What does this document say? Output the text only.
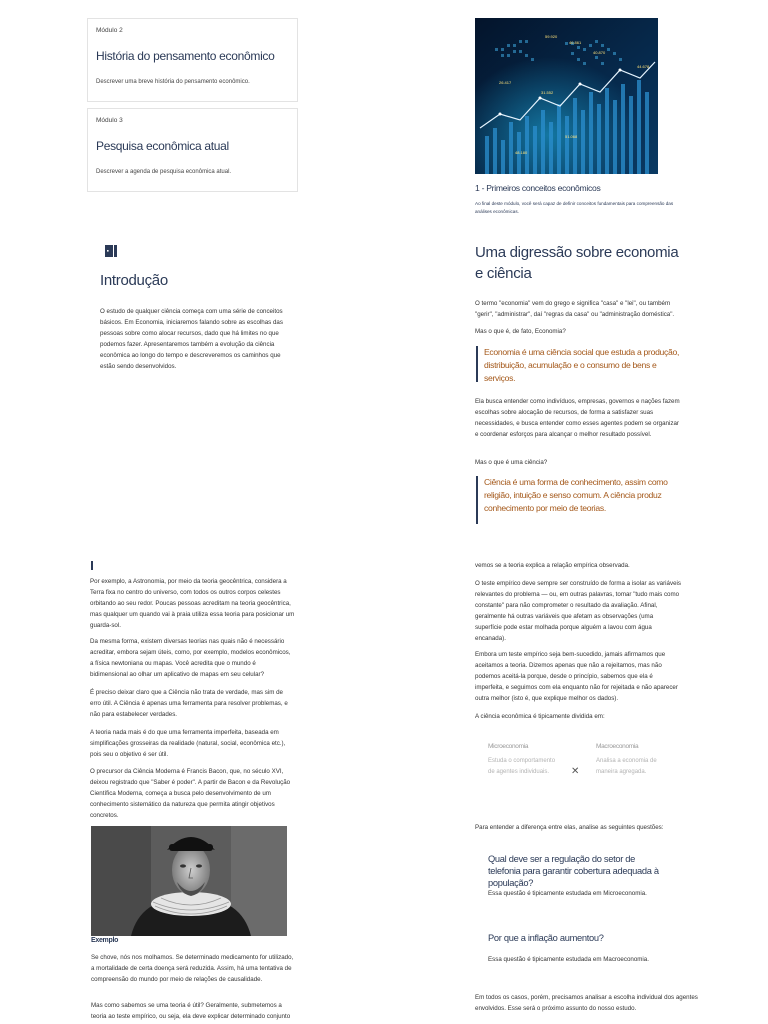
Módulo 2
História do pensamento econômico
Descrever uma breve história do pensamento econômico.
Módulo 3
Pesquisa econômica atual
Descrever a agenda de pesquisa econômica atual.
59.920
46.861
40.870
26.417
44.678
31.552
51.068
48.180
1 - Primeiros conceitos econômicos
Ao final deste módulo, você será capaz de definir conceitos fundamentais para compreensão das análises econômicas.
Introdução
O estudo de qualquer ciência começa com uma série de conceitos básicos. Em Economia, iniciaremos falando sobre as escolhas das pessoas sobre como alocar recursos, dado que há limites no que podemos fazer. Apresentaremos também a evolução da ciência econômica ao longo do tempo e descreveremos os caminhos que estão sendo desenvolvidos.
Uma digressão sobre economia e ciência
O termo "economia" vem do grego e significa "casa" e "lei", ou também "gerir", "administrar", daí "regras da casa" ou "administração doméstica".
Mas o que é, de fato, Economia?
Economia é uma ciência social que estuda a produção, distribuição, acumulação e o consumo de bens e serviços.
Ela busca entender como indivíduos, empresas, governos e nações fazem escolhas sobre alocação de recursos, de forma a satisfazer suas necessidades, e busca entender como esses agentes podem se organizar e coordenar esforços para alcançar o melhor resultado possível.
Mas o que é uma ciência?
Ciência é uma forma de conhecimento, assim como religião, intuição e senso comum. A ciência produz conhecimento por meio de teorias.
Por exemplo, a Astronomia, por meio da teoria geocêntrica, considera a Terra fixa no centro do universo, com todos os outros corpos celestes orbitando ao seu redor. Poucas pessoas acreditam na teoria geocêntrica, mas qualquer um quando vai à praia utiliza essa teoria para posicionar um guarda-sol.
Da mesma forma, existem diversas teorias nas quais não é necessário acreditar, embora sejam úteis, como, por exemplo, modelos econômicos, a física newtoniana ou mapas. Você acredita que o mundo é bidimensional ao olhar um aplicativo de mapas em seu celular?
É preciso deixar claro que a Ciência não trata de verdade, mas sim de erro útil. A Ciência é apenas uma ferramenta para resolver problemas, e não para estabelecer verdades.
A teoria nada mais é do que uma ferramenta imperfeita, baseada em simplificações grosseiras da realidade (natural, social, econômica etc.), pois seu o objetivo é ser útil.
O precursor da Ciência Moderna é Francis Bacon, que, no século XVI, deixou registrado que "Saber é poder". A partir de Bacon e da Revolução Científica Moderna, começa a busca pelo desenvolvimento de um conhecimento sistemático da natureza que permita atingir objetivos concretos.
Exemplo
Se chove, nós nos molhamos. Se determinado medicamento for utilizado, a mortalidade de certa doença será reduzida. Assim, há uma tentativa de compreensão do mundo por meio de relações de causalidade.
Mas como sabemos se uma teoria é útil? Geralmente, submetemos a teoria ao teste empírico, ou seja, ela deve explicar determinado conjunto
vemos se a teoria explica a relação empírica observada.
O teste empírico deve sempre ser construído de forma a isolar as variáveis relevantes do problema — ou, em outras palavras, tomar "tudo mais como constante" para não comprometer o resultado da avaliação. Afinal, geralmente há outras variáveis que afetam as observações (uma superfície pode estar molhada porque alguém a lavou com água encanada).
Embora um teste empírico seja bem-sucedido, jamais afirmamos que aceitamos a teoria. Dizemos apenas que não a rejeitamos, mas não podemos aceitá-la porque, desde o princípio, sabemos que ela é imperfeita, e seguimos com ela enquanto não for rejeitada e não aparecer outra melhor (isto é, que explique melhor os dados).
A ciência econômica é tipicamente dividida em:
Microeconomia
Estuda o comportamento de agentes individuais.	✕
Macroeconomia
Analisa a economia de maneira agregada.
Para entender a diferença entre elas, analise as seguintes questões:
Qual deve ser a regulação do setor de telefonia para garantir cobertura adequada à população?
Essa questão é tipicamente estudada em Microeconomia.
Por que a inflação aumentou?
Essa questão é tipicamente estudada em Macroeconomia.
Em todos os casos, porém, precisamos analisar a escolha individual dos agentes envolvidos. Esse será o próximo assunto do nosso estudo.
